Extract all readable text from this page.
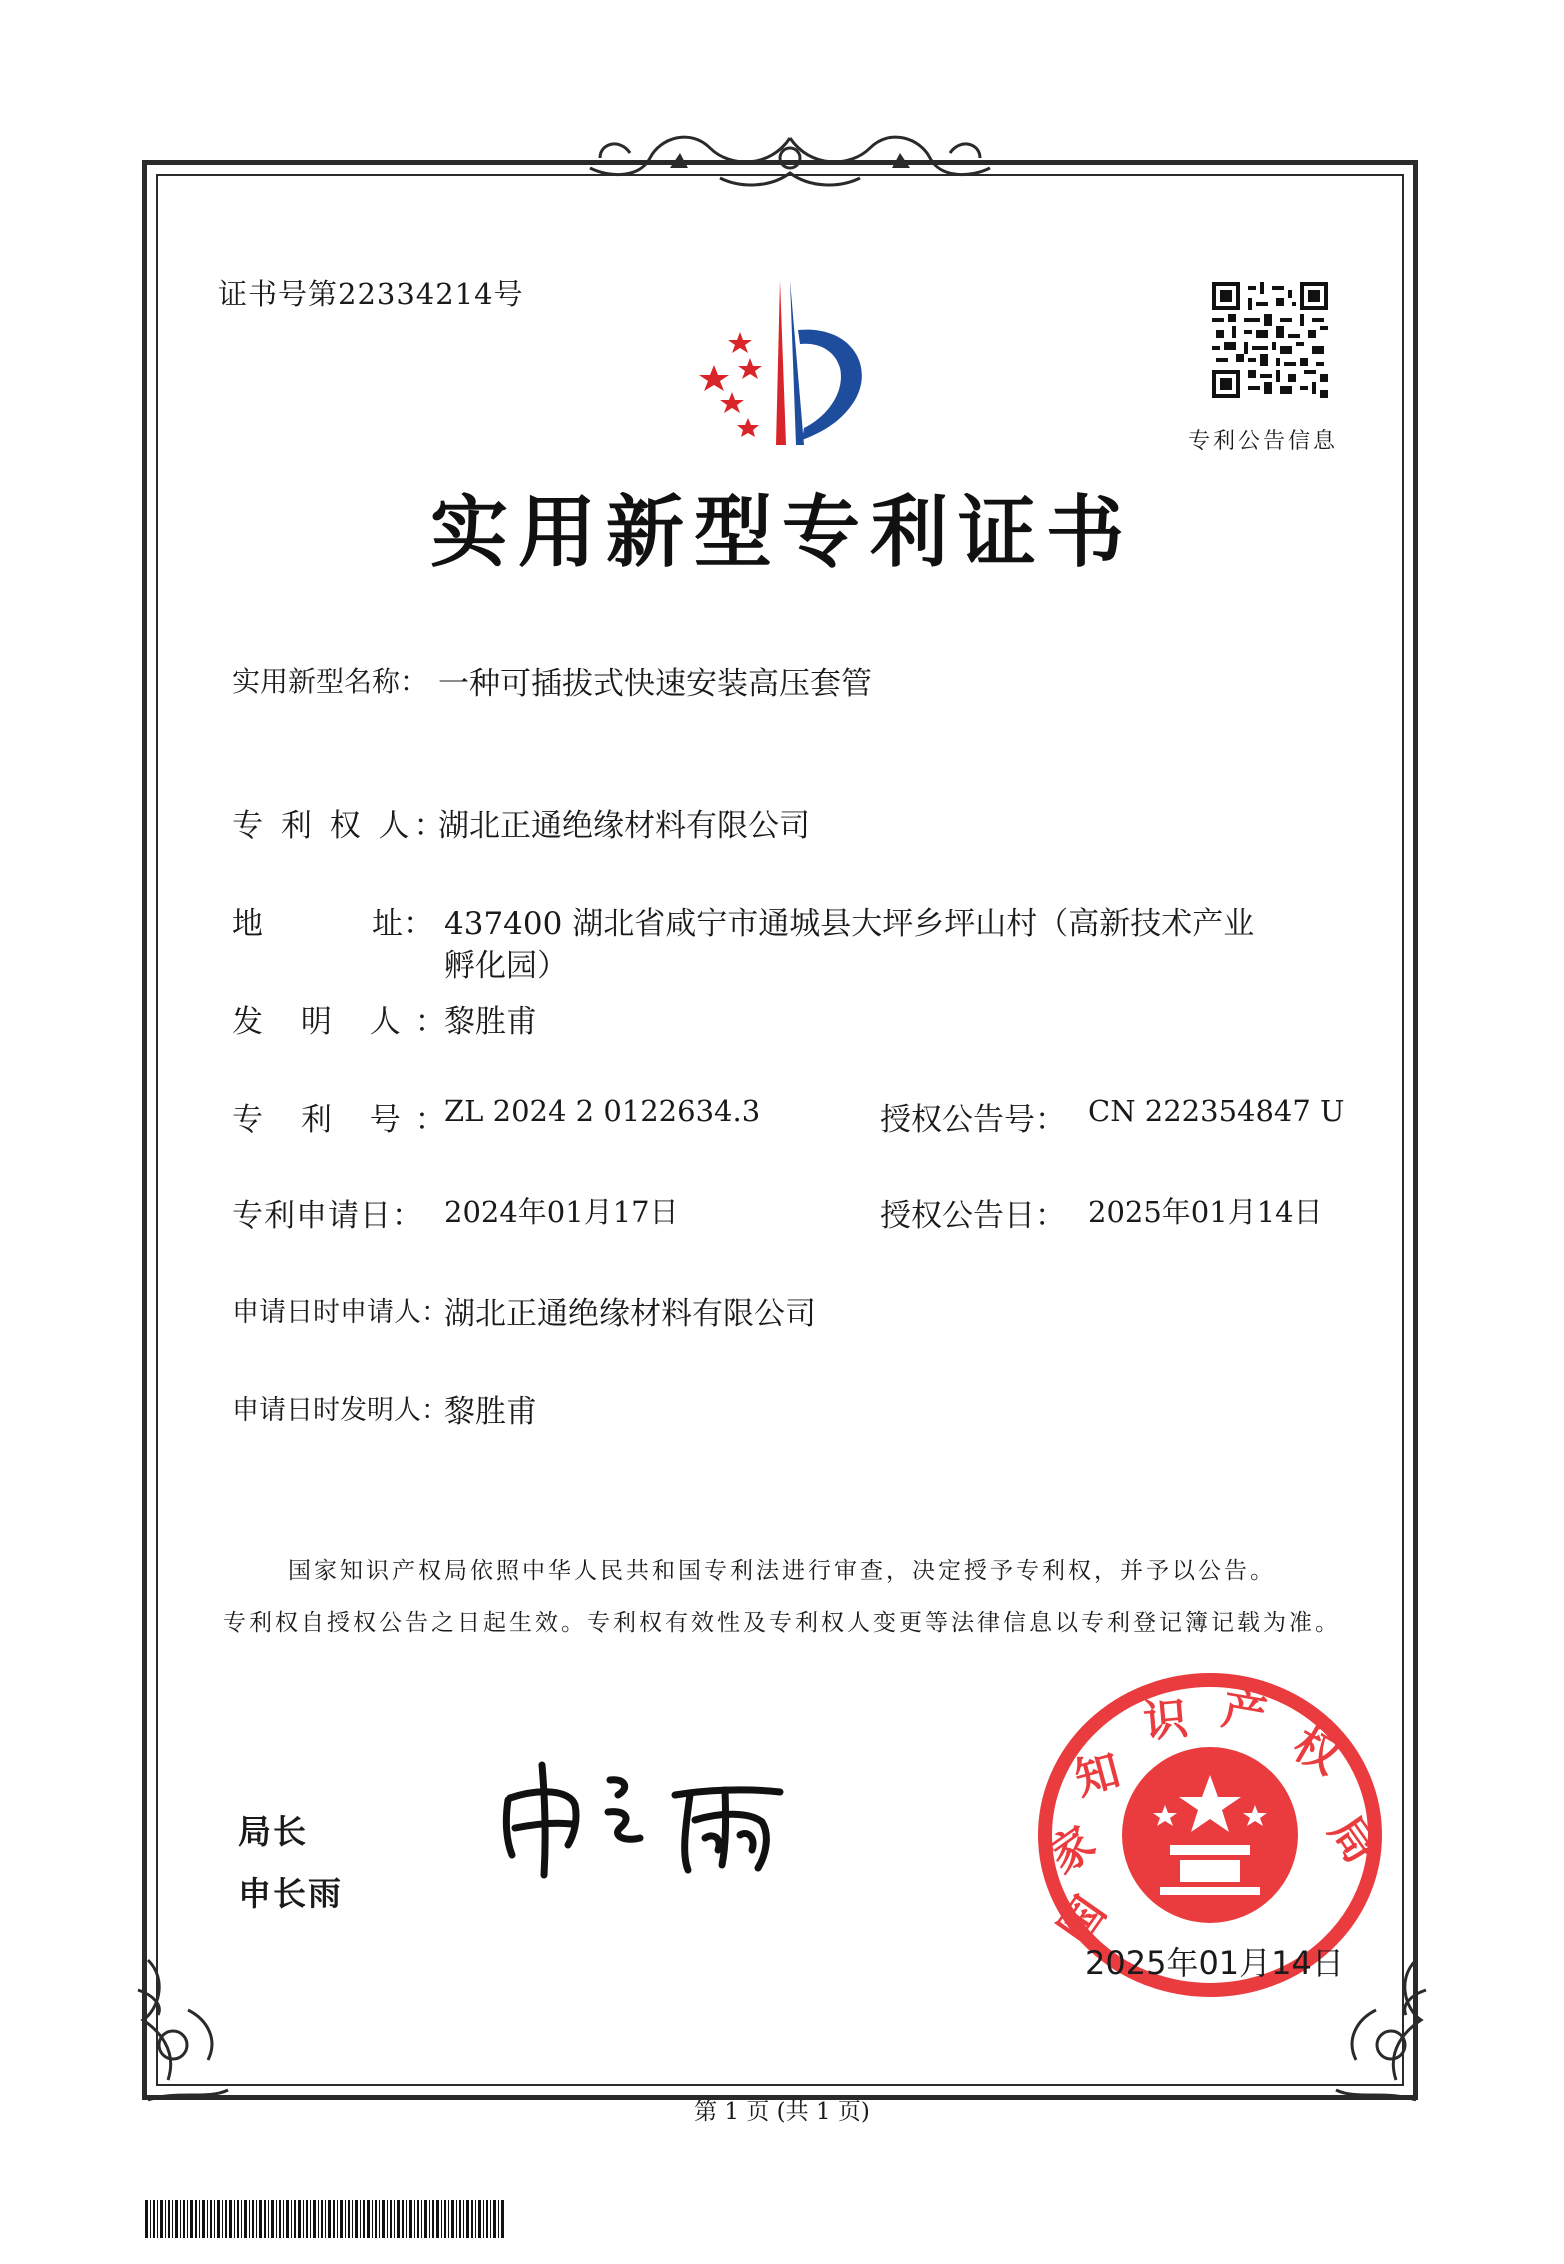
证书号第22334214号
专利公告信息
实用新型专利证书
实用新型名称： 一种可插拔式快速安装高压套管
专 利 权 人：
湖北正通绝缘材料有限公司
地	址： 437400 湖北省咸宁市通城县大坪乡坪山村（高新技术产业
孵化园）
发 明 人：
黎胜甫
专 利 号：
ZL 2024 2 0122634.3	授权公告号： CN 222354847 U
专利申请日： 2024年01月17日	授权公告日： 2025年01月14日
申请日时申请人：
湖北正通绝缘材料有限公司
申请日时发明人：
黎胜甫
国家知识产权局依照中华人民共和国专利法进行审查，决定授予专利权，并予以公告。
专利权自授权公告之日起生效。专利权有效性及专利权人变更等法律信息以专利登记簿记载为准。
局长
申长雨	国
家
知
识 产
权
局
2025年01月14日
第 1 页 (共 1 页)
